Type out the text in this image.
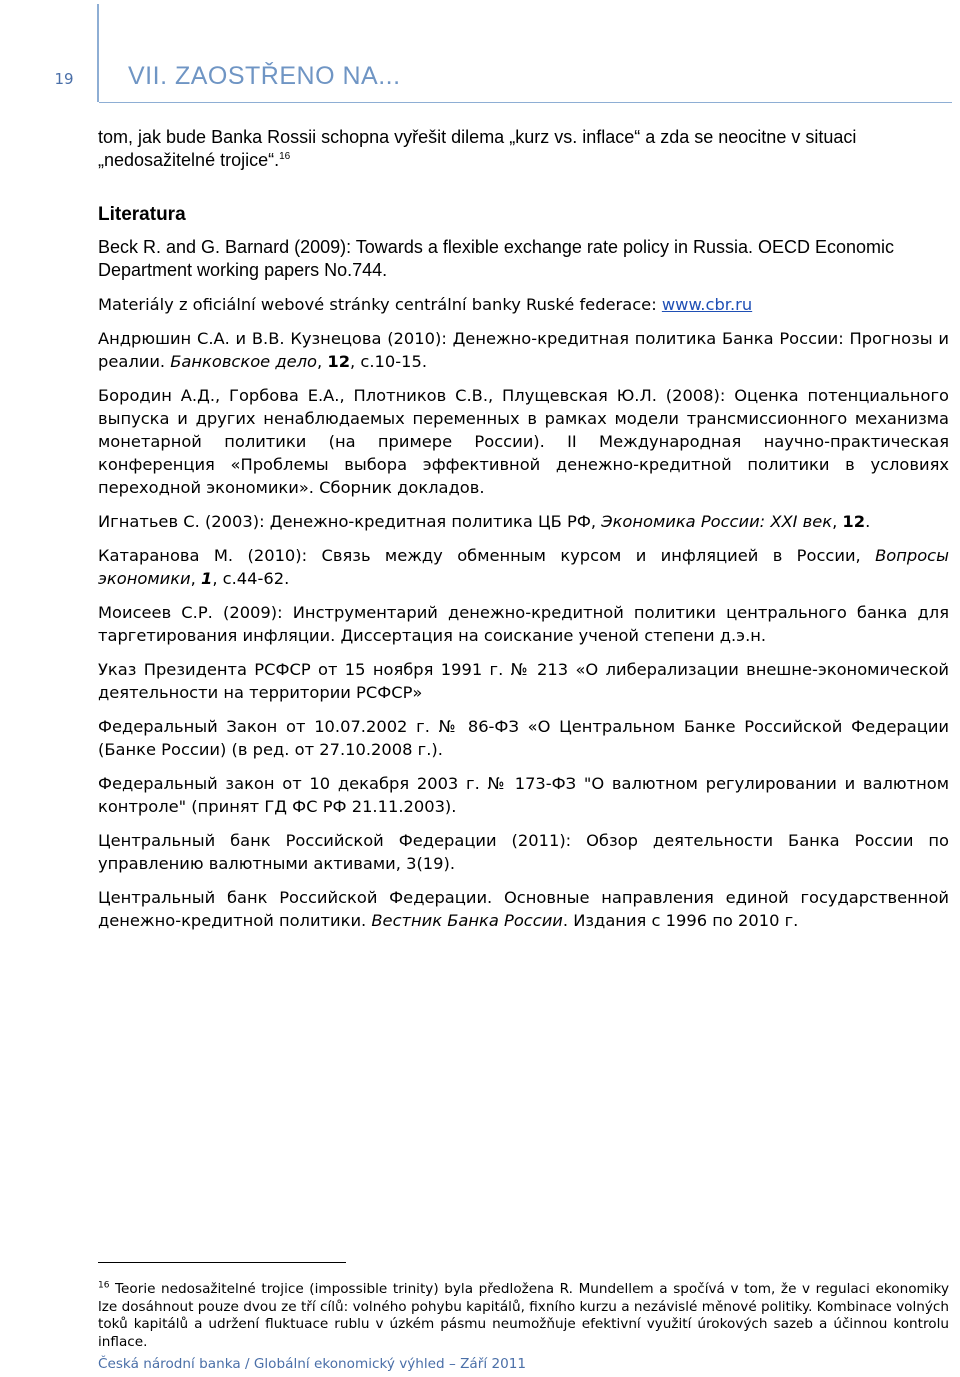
19	VII. ZAOSTŘENO NA...

tom, jak bude Banka Rossii schopna vyřešit dilema „kurz vs. inflace“ a zda se neocitne v situaci „nedosažitelné trojice“.$^{16}$

Literatura

Beck R. and G. Barnard (2009): Towards a flexible exchange rate policy in Russia. OECD Economic Department working papers No.744.

Materiály z oficiální webové stránky centrální banky Ruské federace: www.cbr.ru

Андрюшин С.А. и В.В. Кузнецова (2010): Денежно-кредитная политика Банка России: Прогнозы и реалии. Банковское дело, 12, с.10-15.

Бородин А.Д., Горбова Е.А., Плотников С.В., Плущевская Ю.Л. (2008): Оценка потенциального выпуска и других ненаблюдаемых переменных в рамках модели трансмиссионного механизма монетарной политики (на примере России). II Международная научно-практическая конференция «Проблемы выбора эффективной денежно-кредитной политики в условиях переходной экономики». Сборник докладов.

Игнатьев С. (2003): Денежно-кредитная политика ЦБ РФ, Экономика России: XXI век, 12.

Катаранова М. (2010): Связь между обменным курсом и инфляцией в России, Вопросы экономики, 1, с.44-62.

Моисеев С.Р. (2009): Инструментарий денежно-кредитной политики центрального банка для таргетирования инфляции. Диссертация на соискание ученой степени д.э.н.

Указ Президента РСФСР от 15 ноября 1991 г. № 213 «О либерализации внешне-экономической деятельности на территории РСФСР»

Федеральный Закон от 10.07.2002 г. № 86-ФЗ «О Центральном Банке Российской Федерации (Банке России) (в ред. от 27.10.2008 г.).

Федеральный закон от 10 декабря 2003 г. № 173-ФЗ "О валютном регулировании и валютном контроле" (принят ГД ФС РФ 21.11.2003).

Центральный банк Российской Федерации (2011): Обзор деятельности Банка России по управлению валютными активами, 3(19).

Центральный банк Российской Федерации. Основные направления единой государственной денежно-кредитной политики. Вестник Банка России. Издания с 1996 по 2010 г.

$^{16}$ Teorie nedosažitelné trojice (impossible trinity) byla předložena R. Mundellem a spočívá v tom, že v regulaci ekonomiky lze dosáhnout pouze dvou ze tří cílů: volného pohybu kapitálů, fixního kurzu a nezávislé měnové politiky. Kombinace volných toků kapitálů a udržení fluktuace rublu v úzkém pásmu neumožňuje efektivní využití úrokových sazeb a účinnou kontrolu inflace.

Česká národní banka / Globální ekonomický výhled – Září 2011
